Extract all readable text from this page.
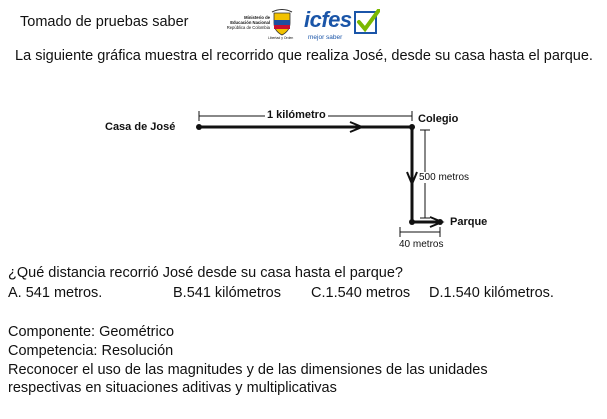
Tomado de pruebas saber	Ministerio de
Educación Nacional
República de Colombia
Libertad y Orden
icfes
mejor saber
La siguiente gráfica muestra el recorrido que realiza José, desde su casa hasta el parque.
Casa de José
Colegio
Parque
1 kilómetro
500 metros
40 metros
¿Qué distancia recorrió José desde su casa hasta el parque?
A. 541 metros.	B.541 kilómetros C.1.540 metros D.1.540 kilómetros.
Componente: Geométrico
Competencia: Resolución
Reconocer el uso de las magnitudes y de las dimensiones de las unidades
respectivas en situaciones aditivas y multiplicativas
